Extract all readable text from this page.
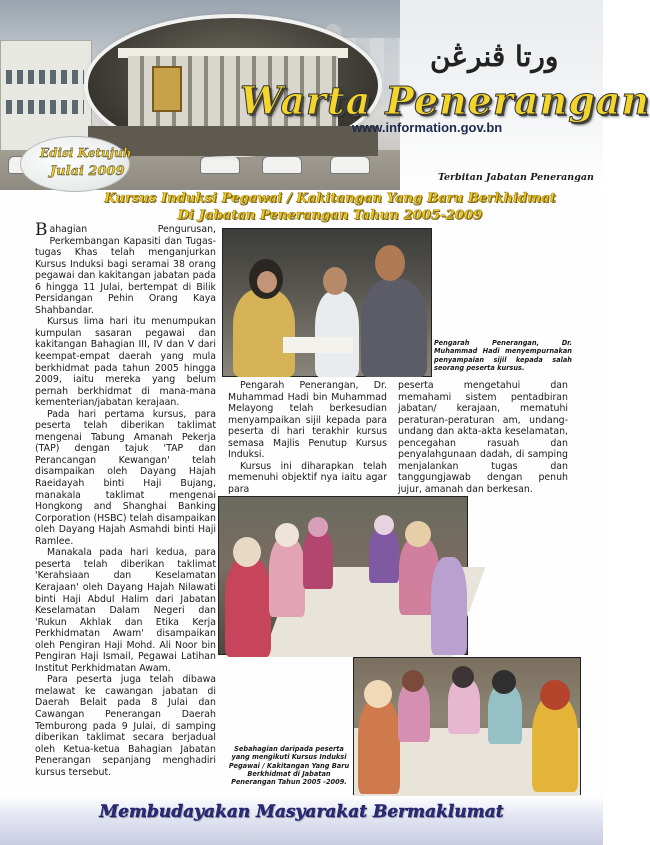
ورتا ڤنرڠن
Warta Penerangan
www.information.gov.bn
Edisi Ketujuh
Julai 2009	Terbitan Jabatan Penerangan
Kursus Induksi Pegawai / Kakitangan Yang Baru Berkhidmat
Di Jabatan Penerangan Tahun 2005-2009

Bahagian Pengurusan, Perkembangan Kapasiti dan Tugas-tugas Khas telah menganjurkan Kursus Induksi bagi seramai 38 orang pegawai dan kakitangan jabatan pada 6 hingga 11 Julai, bertempat di Bilik Persidangan Pehin Orang Kaya Shahbandar.

Kursus lima hari itu menumpukan kumpulan sasaran pegawai dan kakitangan Bahagian III, IV dan V dari keempat-empat daerah yang mula berkhidmat pada tahun 2005 hingga 2009, iaitu mereka yang belum pernah berkhidmat di mana-mana kementerian/jabatan kerajaan.

Pada hari pertama kursus, para peserta telah diberikan taklimat mengenai Tabung Amanah Pekerja (TAP) dengan tajuk 'TAP dan Perancangan Kewangan' telah disampaikan oleh Dayang Hajah Raeidayah binti Haji Bujang, manakala taklimat mengenai Hongkong and Shanghai Banking Corporation (HSBC) telah disampaikan oleh Dayang Hajah Asmahdi binti Haji Ramlee.

Manakala pada hari kedua, para peserta telah diberikan taklimat 'Kerahsiaan dan Keselamatan Kerajaan' oleh Dayang Hajah Nilawati binti Haji Abdul Halim dari Jabatan Keselamatan Dalam Negeri dan 'Rukun Akhlak dan Etika Kerja Perkhidmatan Awam' disampaikan oleh Pengiran Haji Mohd. Ali Noor bin Pengiran Haji Ismail, Pegawai Latihan Institut Perkhidmatan Awam.

Para peserta juga telah dibawa melawat ke cawangan jabatan di Daerah Belait pada 8 Julai dan Cawangan Penerangan Daerah Temburong pada 9 Julai, di samping diberikan taklimat secara berjadual oleh Ketua-ketua Bahagian Jabatan Penerangan sepanjang menghadiri kursus tersebut.

Pengarah Penerangan, Dr. Muhammad Hadi menyempurnakan penyampaian sijil kepada salah seorang peserta kursus.

Pengarah Penerangan, Dr. Muhammad Hadi bin Muhammad Melayong telah berkesudian menyampaikan sijil kepada para peserta di hari terakhir kursus semasa Majlis Penutup Kursus Induksi.

Kursus ini diharapkan telah memenuhi objektif nya iaitu agar para

peserta mengetahui dan memahami sistem pentadbiran jabatan/ kerajaan, mematuhi peraturan-peraturan am, undang-undang dan akta-akta keselamatan, pencegahan rasuah dan penyalahgunaan dadah, di samping menjalankan tugas dan tanggungjawab dengan penuh jujur, amanah dan berkesan.

Sebahagian daripada peserta yang mengikuti Kursus Induksi Pegawai / Kakitangan Yang Baru Berkhidmat di Jabatan Penerangan Tahun 2005 -2009.
Membudayakan Masyarakat Bermaklumat
